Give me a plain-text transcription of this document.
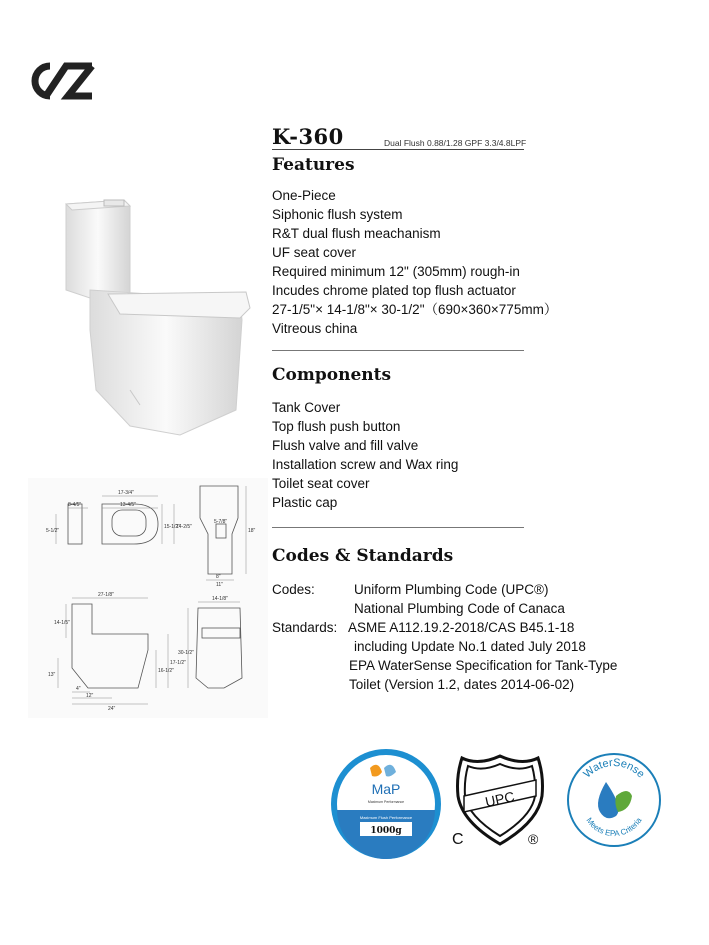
17-3/4"
13-4/5"
8-4/5"
15-1/2"
14-2/5"
5-1/2"
5-7/8"
11"
8"
18"
27-1/8"
14-1/5"
16-1/2"
17-1/2"
13"
4"
12"
24"
14-1/8"
30-1/2"
K-360	Dual Flush 0.88/1.28 GPF 3.3/4.8LPF
Features
One-Piece
Siphonic flush system
R&T dual flush meachanism
UF seat cover
Required minimum 12" (305mm) rough-in
Incudes chrome plated top flush actuator
27-1/5"× 14-1/8"× 30-1/2"（690×360×775mm）
Vitreous china
Components
Tank Cover
Top flush push button
Flush valve and fill valve
Installation screw and Wax ring
Toilet seat cover
Plastic cap
Codes & Standards
Codes:	Uniform Plumbing Code (UPC®)
National Plumbing Code of Canaca

Standards: ASME A112.19.2-2018/CAS B45.1-18
including Update No.1 dated July 2018

EPA WaterSense Specification for Tank-Type

Toilet (Version 1.2, dates 2014-06-02)

MaP
Maximum Performance
Maximum Flush Performance
1000g
UPC
C	®
WaterSense
Meets EPA Criteria
